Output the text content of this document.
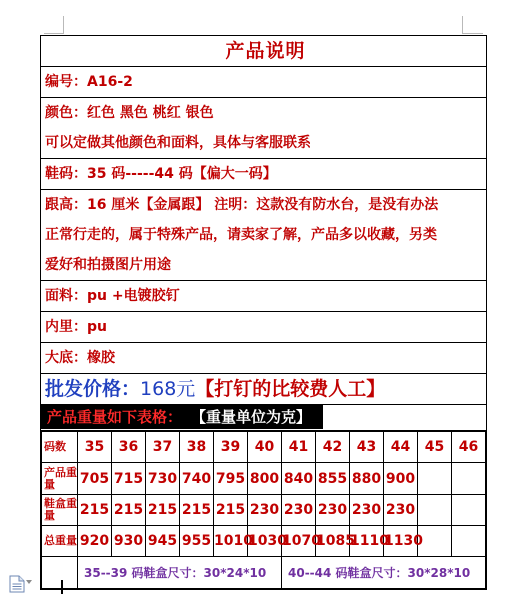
产品说明
编号：A16-2

颜色：红色 黑色 桃红 银色
可以定做其他颜色和面料，具体与客服联系

鞋码：35 码-----44 码【偏大一码】

跟高：16 厘米【金属跟】 注明：这款没有防水台，是没有办法
正常行走的，属于特殊产品，请卖家了解，产品多以收藏，另类
爱好和拍摄图片用途

面料：pu +电镀胶钉
内里：pu
大底：橡胶
批发价格：168元【打钉的比较费人工】
产品重量如下表格： 【重量单位为克】

码数	35	36	37	38	39	40	41	42	43	44	45	46
产品重量	705	715	730	740	795	800	840	855	880	900		
鞋盒重量	215	215	215	215	215	230	230	230	230	230		
总重量	920	930	945	955	1010	1030	1070	1085	1110	1130		
	35--39 码鞋盒尺寸：30*24*10	40--44 码鞋盒尺寸：30*28*10
